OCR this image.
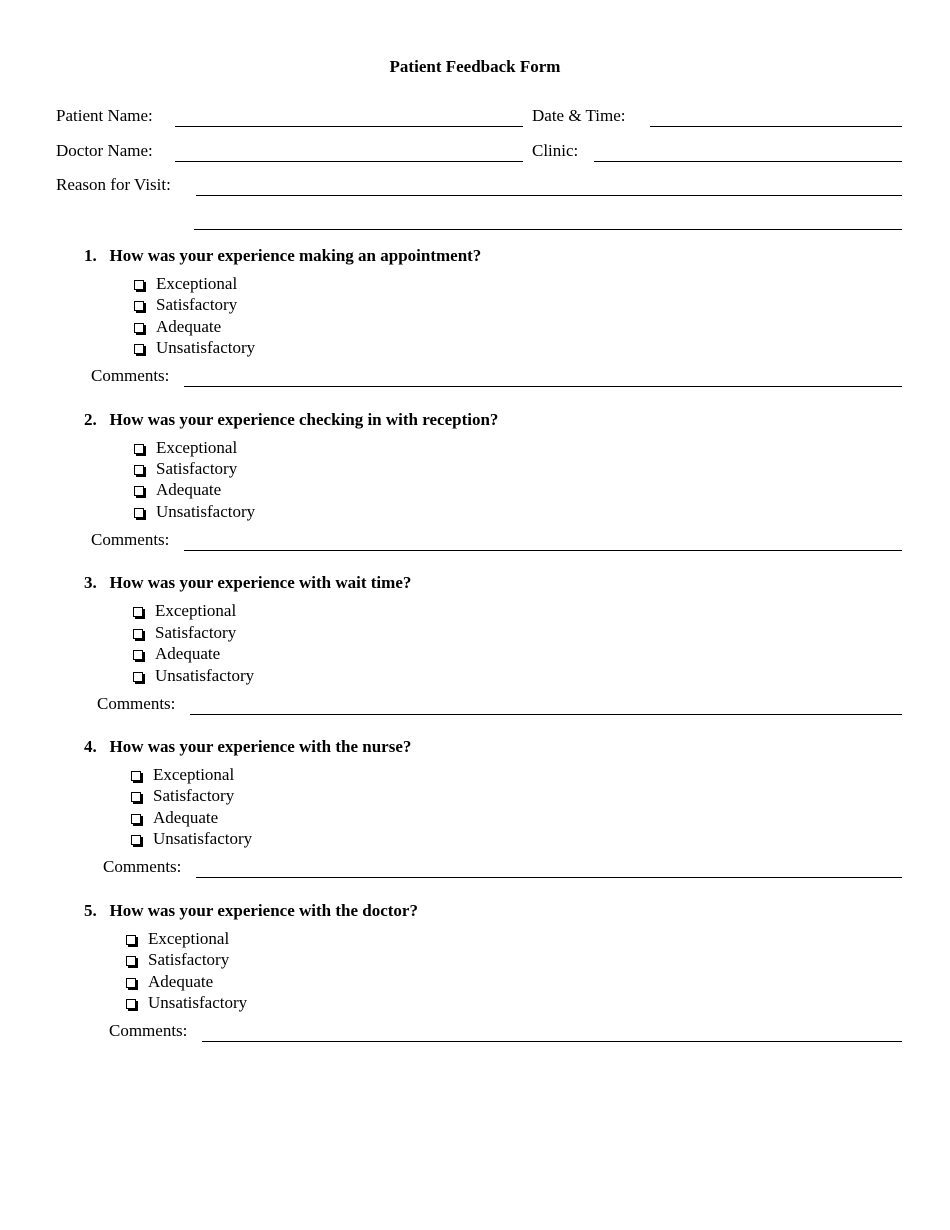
Patient Feedback Form
Patient Name:	Date & Time:
Doctor Name:	Clinic:
Reason for Visit:
1. How was your experience making an appointment?
Exceptional
Satisfactory
Adequate
Unsatisfactory
Comments:
2. How was your experience checking in with reception?
Exceptional
Satisfactory
Adequate
Unsatisfactory
Comments:
3. How was your experience with wait time?
Exceptional
Satisfactory
Adequate
Unsatisfactory
Comments:
4. How was your experience with the nurse?
Exceptional
Satisfactory
Adequate
Unsatisfactory
Comments:
5. How was your experience with the doctor?
Exceptional
Satisfactory
Adequate
Unsatisfactory
Comments:
